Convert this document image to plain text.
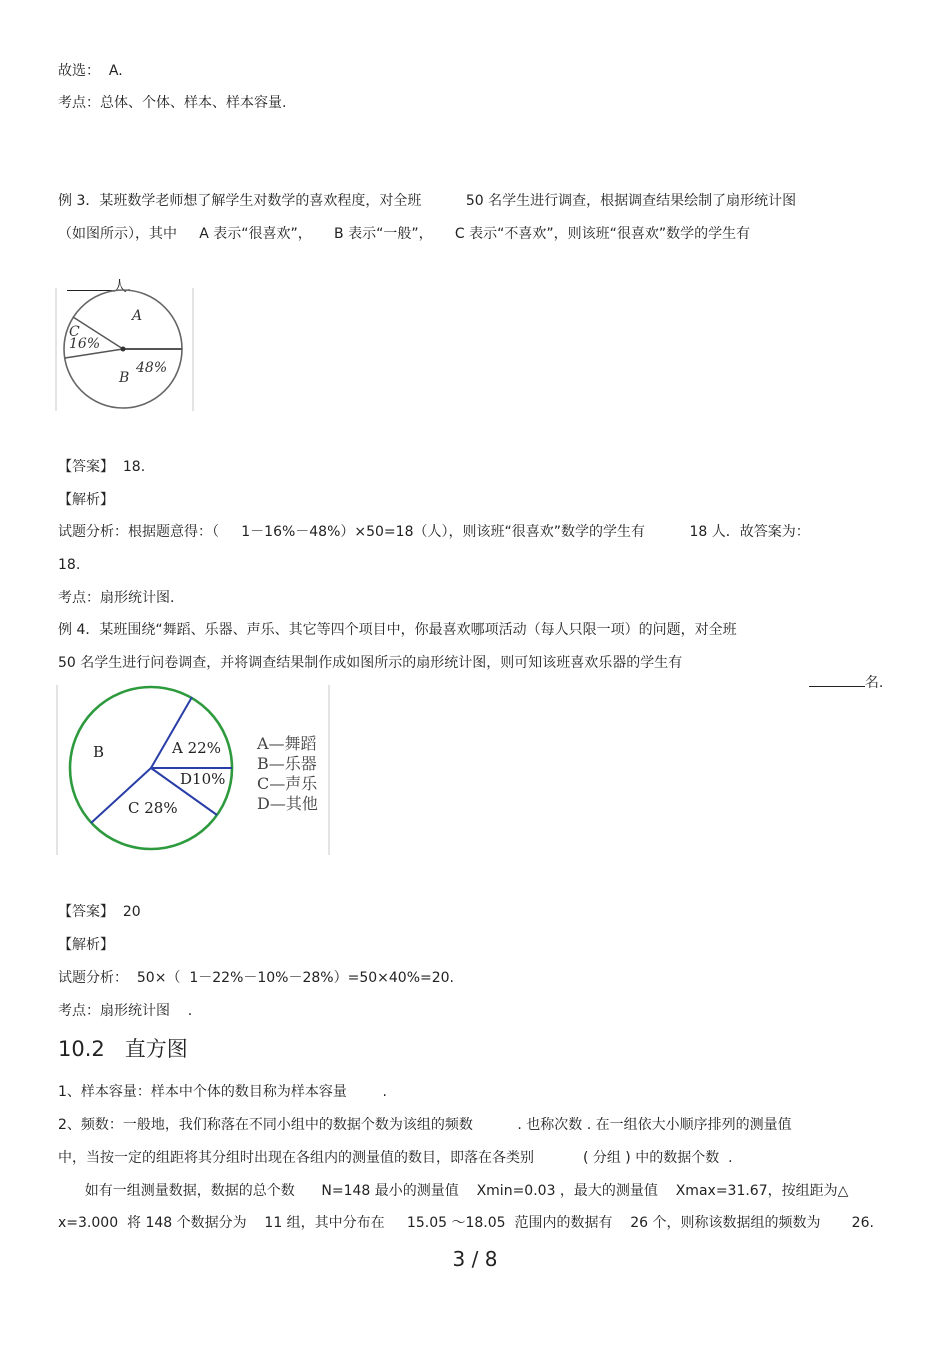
故选：  A.
考点：总体、个体、样本、样本容量.
例 3．某班数学老师想了解学生对数学的喜欢程度，对全班          50 名学生进行调查，根据调查结果绘制了扇形统计图
（如图所示），其中     A 表示“很喜欢”，     B 表示“一般”，     C 表示“不喜欢”，则该班“很喜欢”数学的学生有

人.

A
C
16%
B
48%
【答案】  18.
【解析】
试题分析：根据题意得：（     1－16%－48%）×50=18（人），则该班“很喜欢”数学的学生有          18 人．故答案为：
18.
考点：扇形统计图.
例 4．某班围绕“舞蹈、乐器、声乐、其它等四个项目中，你最喜欢哪项活动（每人只限一项）的问题，对全班
50 名学生进行问卷调查，并将调查结果制作成如图所示的扇形统计图，则可知该班喜欢乐器的学生有

名.

B	A 22%
D10%
C 28%
A—舞蹈
B—乐器
C—声乐
D—其他
【答案】  20
【解析】
试题分析：  50×（  1－22%－10%－28%）=50×40%=20.
考点：扇形统计图    .
10.2   直方图
1、样本容量：样本中个体的数目称为样本容量        .
2、频数：一般地，我们称落在不同小组中的数据个数为该组的频数          . 也称次数 . 在一组依大小顺序排列的测量值
中，当按一定的组距将其分组时出现在各组内的测量值的数目，即落在各类别           ( 分组 ) 中的数据个数  .
如有一组测量数据，数据的总个数      N=148 最小的测量值    Xmin=0.03 ，最大的测量值    Xmax=31.67，按组距为△
x=3.000  将 148 个数据分为    11 组，其中分布在     15.05 ～18.05  范围内的数据有    26 个，则称该数据组的频数为       26.
3 / 8
